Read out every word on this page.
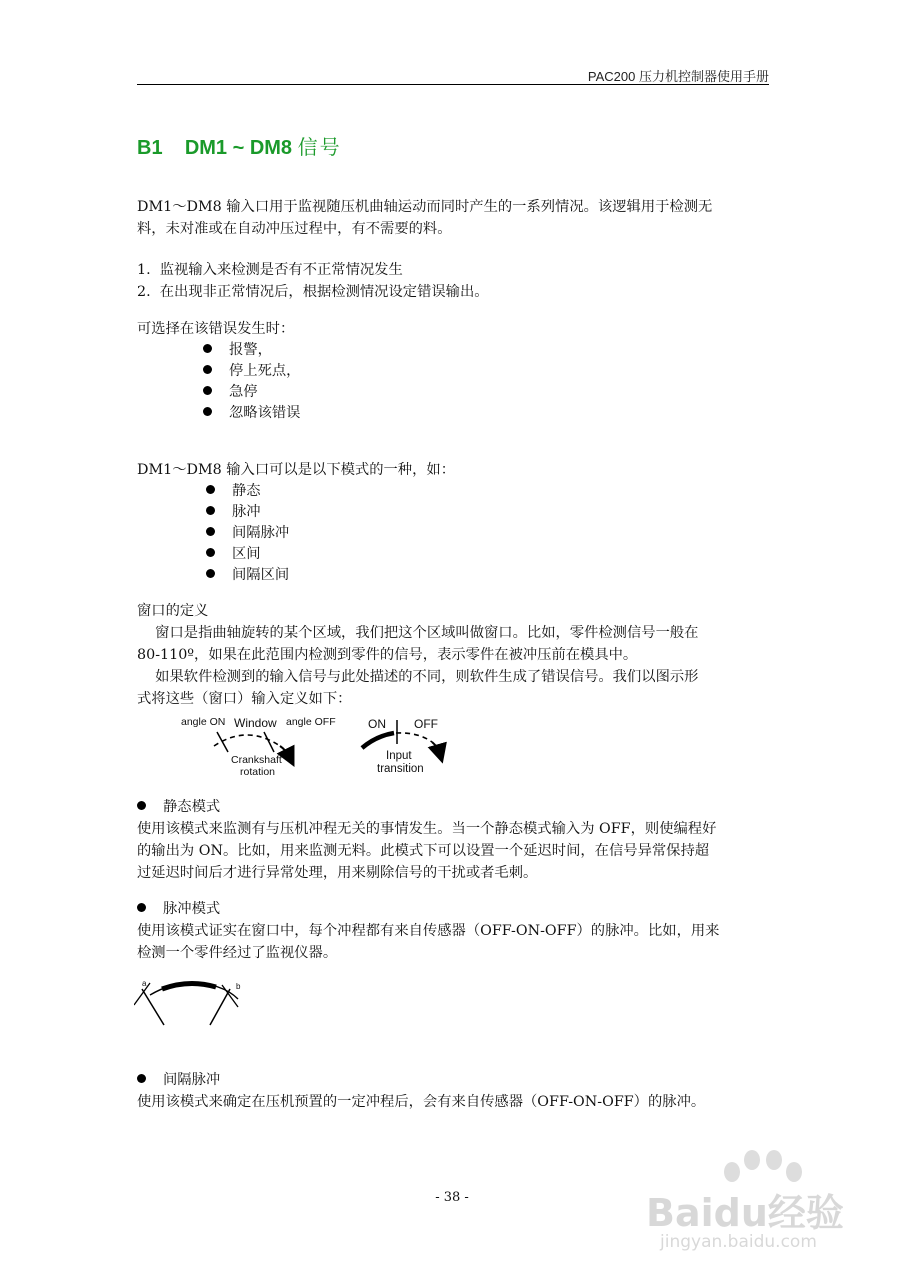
PAC200 压力机控制器使用手册
B1 DM1 ~ DM8 信号
DM1～DM8 输入口用于监视随压机曲轴运动而同时产生的一系列情况。该逻辑用于检测无
料，未对准或在自动冲压过程中，有不需要的料。
1.  监视输入来检测是否有不正常情况发生
2.  在出现非正常情况后，根据检测情况设定错误输出。
可选择在该错误发生时：
报警，
停上死点，
急停
忽略该错误
DM1～DM8 输入口可以是以下模式的一种，如：
静态
脉冲
间隔脉冲
区间
间隔区间
窗口的定义
窗口是指曲轴旋转的某个区域，我们把这个区域叫做窗口。比如，零件检测信号一般在
80-110º，如果在此范围内检测到零件的信号，表示零件在被冲压前在模具中。
如果软件检测到的输入信号与此处描述的不同，则软件生成了错误信号。我们以图示形
式将这些（窗口）输入定义如下：
angle ON Window angle OFF
Crankshaft
rotation
ON OFF
Input
transition
静态模式
使用该模式来监测有与压机冲程无关的事情发生。当一个静态模式输入为 OFF，则使编程好
的输出为 ON。比如，用来监测无料。此模式下可以设置一个延迟时间，在信号异常保持超
过延迟时间后才进行异常处理，用来剔除信号的干扰或者毛刺。
脉冲模式
使用该模式证实在窗口中，每个冲程都有来自传感器（OFF-ON-OFF）的脉冲。比如，用来
检测一个零件经过了监视仪器。
a	b
间隔脉冲
使用该模式来确定在压机预置的一定冲程后，会有来自传感器（OFF-ON-OFF）的脉冲。
- 38 -	Baidu经验
jingyan.baidu.com
